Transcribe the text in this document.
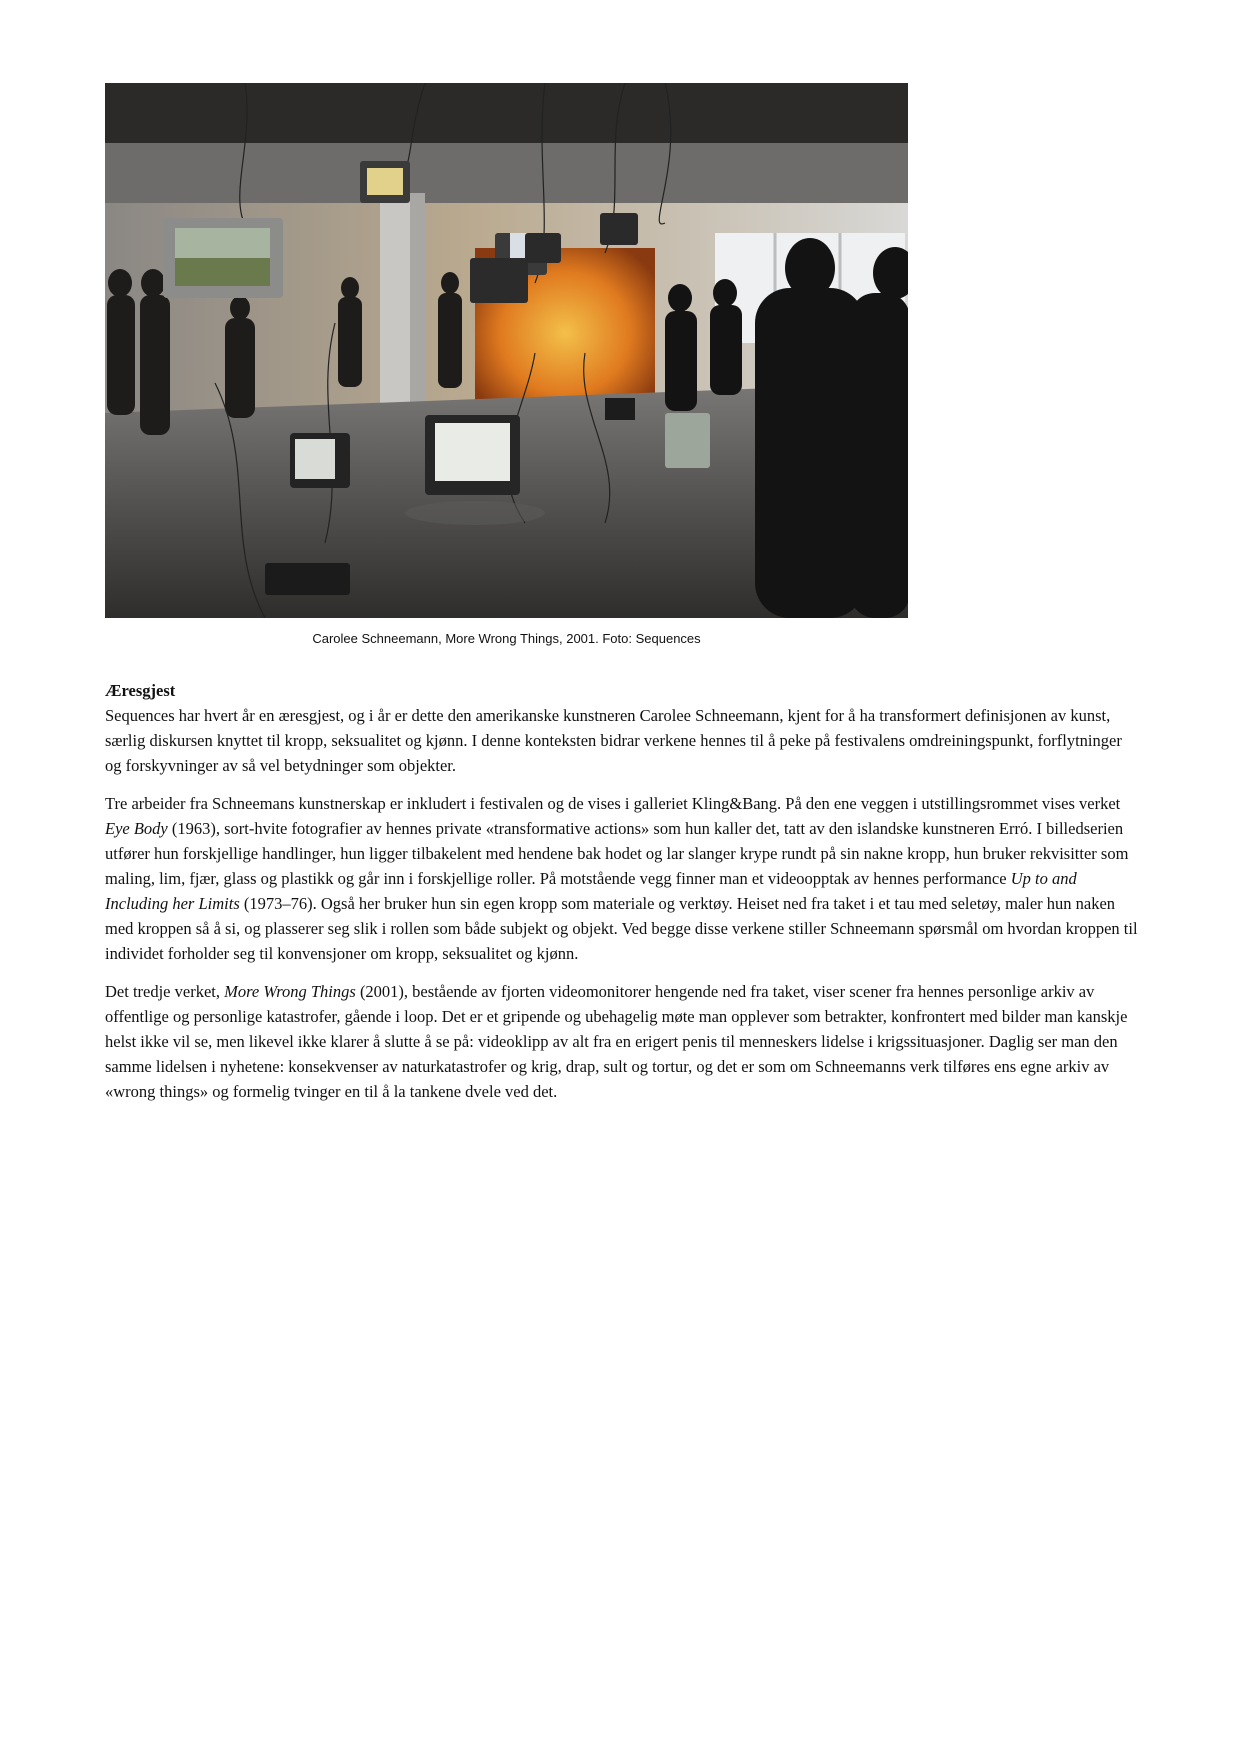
Carolee Schneemann, More Wrong Things, 2001. Foto: Sequences

Æresgjest

Sequences har hvert år en æresgjest, og i år er dette den amerikanske kunstneren Carolee Schneemann, kjent for å ha transformert definisjonen av kunst, særlig diskursen knyttet til kropp, seksualitet og kjønn. I denne konteksten bidrar verkene hennes til å peke på festivalens omdreiningspunkt, forflytninger og forskyvninger av så vel betydninger som objekter.

Tre arbeider fra Schneemans kunstnerskap er inkludert i festivalen og de vises i galleriet Kling&Bang. På den ene veggen i utstillingsrommet vises verket Eye Body (1963), sort-hvite fotografier av hennes private «transformative actions» som hun kaller det, tatt av den islandske kunstneren Erró. I billedserien utfører hun forskjellige handlinger, hun ligger tilbakelent med hendene bak hodet og lar slanger krype rundt på sin nakne kropp, hun bruker rekvisitter som maling, lim, fjær, glass og plastikk og går inn i forskjellige roller. På motstående vegg finner man et videoopptak av hennes performance Up to and Including her Limits (1973–76). Også her bruker hun sin egen kropp som materiale og verktøy. Heiset ned fra taket i et tau med seletøy, maler hun naken med kroppen så å si, og plasserer seg slik i rollen som både subjekt og objekt. Ved begge disse verkene stiller Schneemann spørsmål om hvordan kroppen til individet forholder seg til konvensjoner om kropp, seksualitet og kjønn.

Det tredje verket, More Wrong Things (2001), bestående av fjorten videomonitorer hengende ned fra taket, viser scener fra hennes personlige arkiv av offentlige og personlige katastrofer, gående i loop. Det er et gripende og ubehagelig møte man opplever som betrakter, konfrontert med bilder man kanskje helst ikke vil se, men likevel ikke klarer å slutte å se på: videoklipp av alt fra en erigert penis til menneskers lidelse i krigssituasjoner. Daglig ser man den samme lidelsen i nyhetene: konsekvenser av naturkatastrofer og krig, drap, sult og tortur, og det er som om Schneemanns verk tilføres ens egne arkiv av «wrong things» og formelig tvinger en til å la tankene dvele ved det.
